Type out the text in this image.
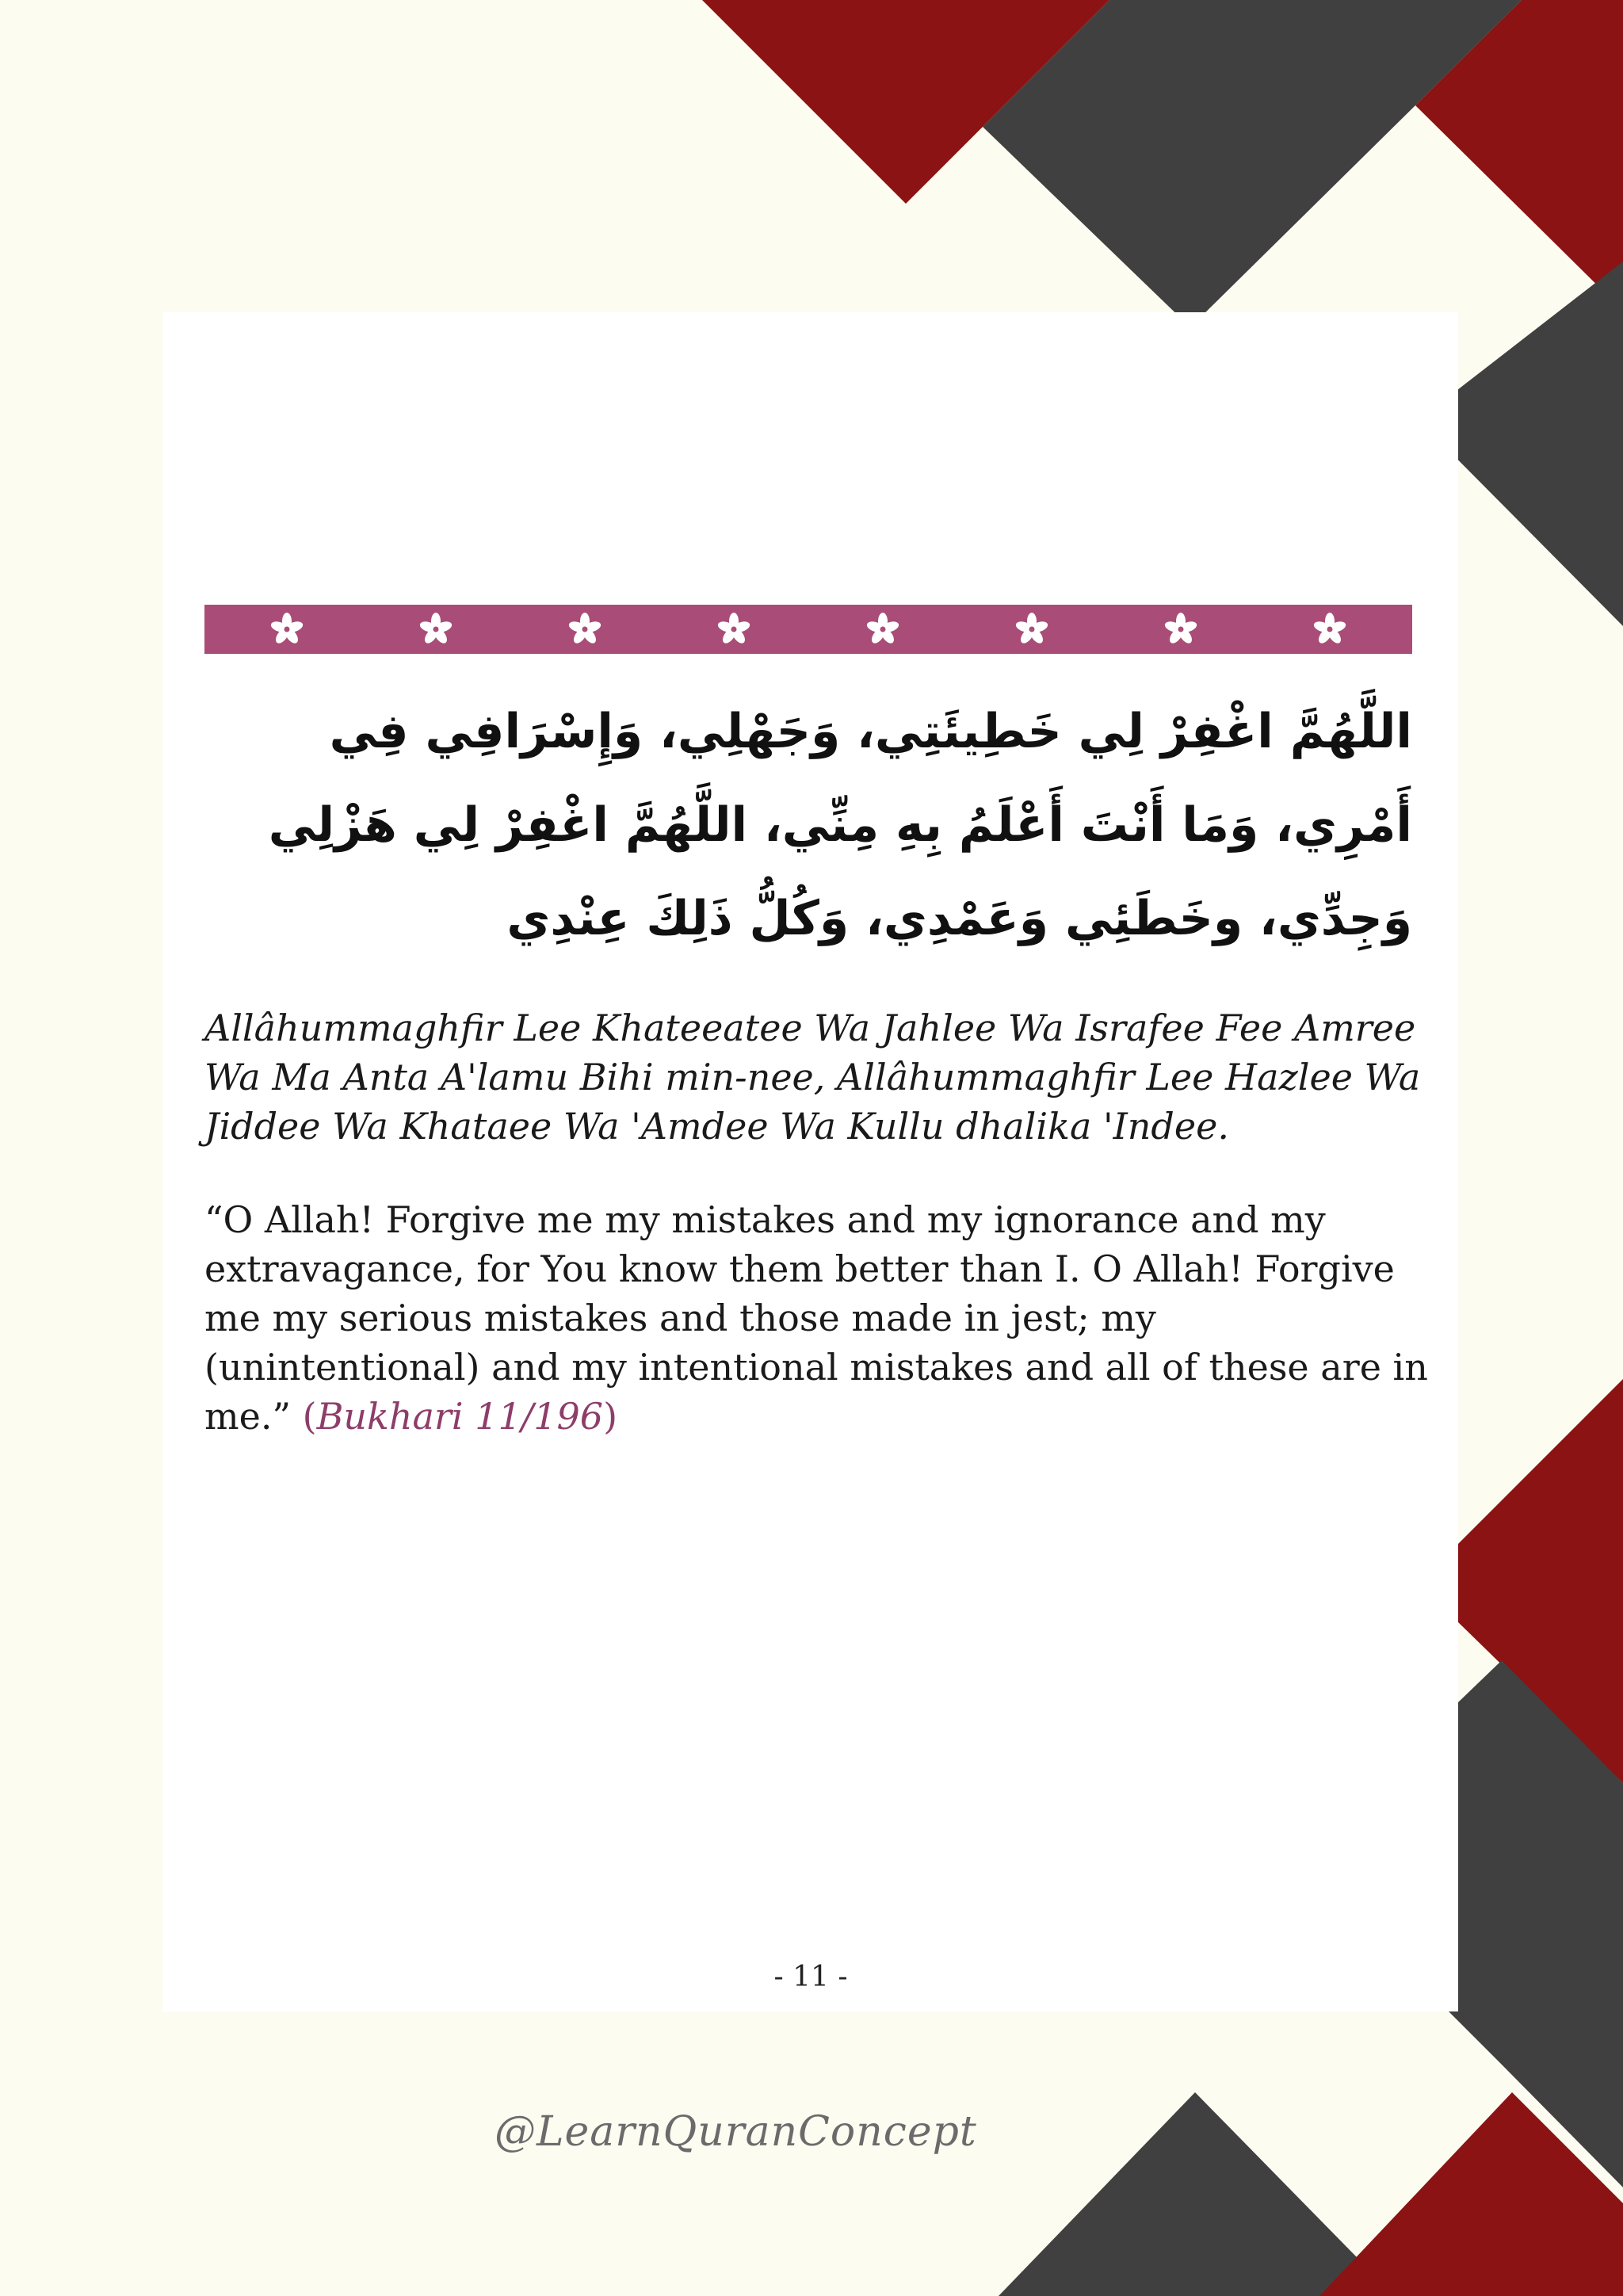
اللَّهُمَّ اغْفِرْ لِي خَطِيئَتِي، وَجَهْلِي، وَإِسْرَافِي فِي أَمْرِي، وَمَا أَنْتَ أَعْلَمُ بِهِ مِنِّي، اللَّهُمَّ اغْفِرْ لِي هَزْلِي وَجِدِّي، وخَطَئِي وَعَمْدِي، وَكُلُّ ذَلِكَ عِنْدِي

Allâhummaghfir Lee Khateeatee Wa Jahlee Wa Israfee Fee Amree Wa Ma Anta A'lamu Bihi min-nee, Allâhummaghfir Lee Hazlee Wa Jiddee Wa Khataee Wa 'Amdee Wa Kullu dhalika 'Indee.

“O Allah! Forgive me my mistakes and my ignorance and my extravagance, for You know them better than I. O Allah! Forgive me my serious mistakes and those made in jest; my (unintentional) and my intentional mistakes and all of these are in me.” (Bukhari 11/196)

- 11 -
@LearnQuranConcept
